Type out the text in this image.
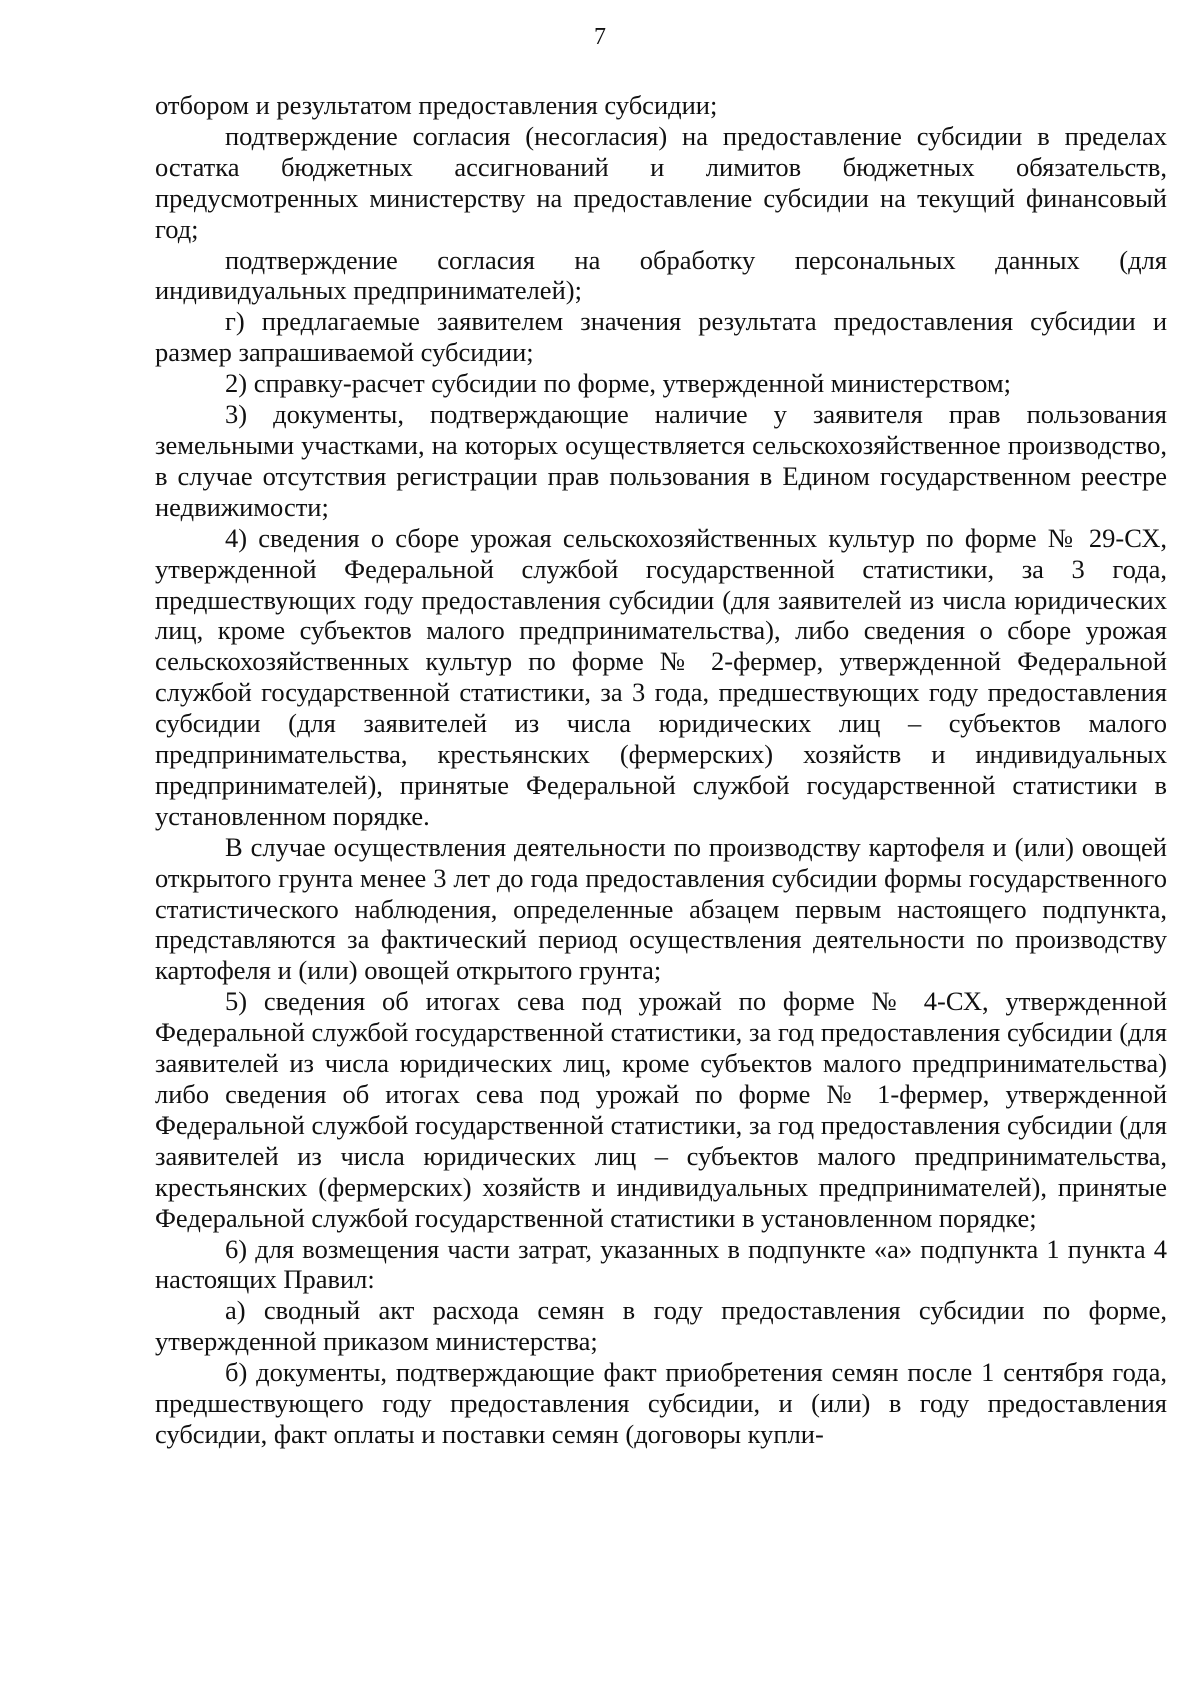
7

отбором и результатом предоставления субсидии;

подтверждение согласия (несогласия) на предоставление субсидии в пределах остатка бюджетных ассигнований и лимитов бюджетных обязательств, предусмотренных министерству на предоставление субсидии на текущий финансовый год;

подтверждение согласия на обработку персональных данных (для индивидуальных предпринимателей);

г) предлагаемые заявителем значения результата предоставления субсидии и размер запрашиваемой субсидии;

2) справку-расчет субсидии по форме, утвержденной министерством;

3) документы, подтверждающие наличие у заявителя прав пользования земельными участками, на которых осуществляется сельскохозяйственное производство, в случае отсутствия регистрации прав пользования в Едином государственном реестре недвижимости;

4) сведения о сборе урожая сельскохозяйственных культур по форме № 29-СХ, утвержденной Федеральной службой государственной статистики, за 3 года, предшествующих году предоставления субсидии (для заявителей из числа юридических лиц, кроме субъектов малого предпринимательства), либо сведения о сборе урожая сельскохозяйственных культур по форме № 2-фермер, утвержденной Федеральной службой государственной статистики, за 3 года, предшествующих году предоставления субсидии (для заявителей из числа юридических лиц – субъектов малого предпринимательства, крестьянских (фермерских) хозяйств и индивидуальных предпринимателей), принятые Федеральной службой государственной статистики в установленном порядке.

В случае осуществления деятельности по производству картофеля и (или) овощей открытого грунта менее 3 лет до года предоставления субсидии формы государственного статистического наблюдения, определенные абзацем первым настоящего подпункта, представляются за фактический период осуществления деятельности по производству картофеля и (или) овощей открытого грунта;

5) сведения об итогах сева под урожай по форме № 4-СХ, утвержденной Федеральной службой государственной статистики, за год предоставления субсидии (для заявителей из числа юридических лиц, кроме субъектов малого предпринимательства) либо сведения об итогах сева под урожай по форме № 1-фермер, утвержденной Федеральной службой государственной статистики, за год предоставления субсидии (для заявителей из числа юридических лиц – субъектов малого предпринимательства, крестьянских (фермерских) хозяйств и индивидуальных предпринимателей), принятые Федеральной службой государственной статистики в установленном порядке;

6) для возмещения части затрат, указанных в подпункте «а» подпункта 1 пункта 4 настоящих Правил:

а) сводный акт расхода семян в году предоставления субсидии по форме, утвержденной приказом министерства;

б) документы, подтверждающие факт приобретения семян после 1 сентября года, предшествующего году предоставления субсидии, и (или) в году предоставления субсидии, факт оплаты и поставки семян (договоры купли-
